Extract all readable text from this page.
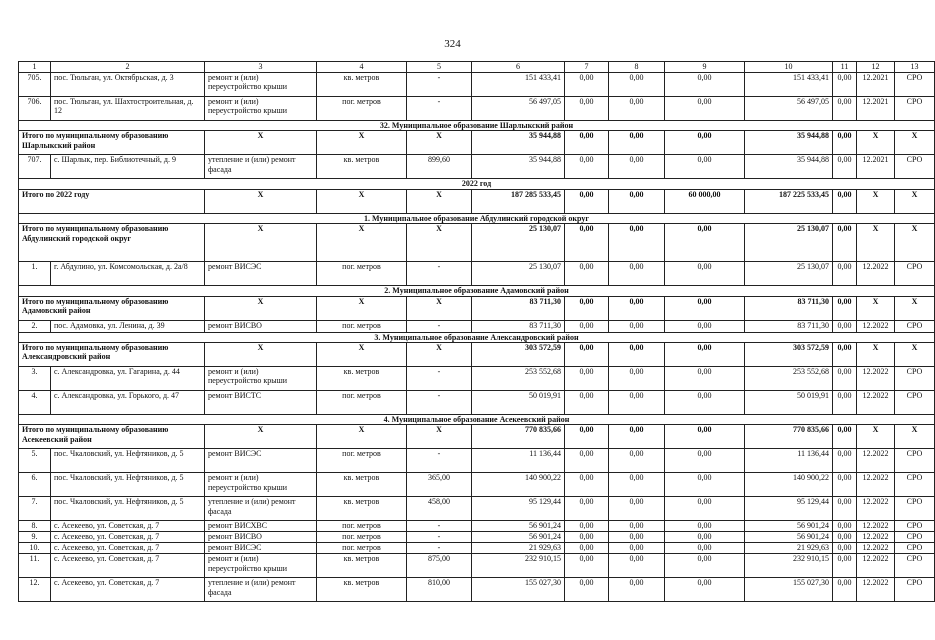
324
1	2	3	4	5	6	7	8	9	10	11	12	13
705.	пос. Тюльган, ул. Октябрьская, д. 3	ремонт и (или) переустройство крыши	кв. метров	-	151 433,41	0,00	0,00	0,00	151 433,41	0,00	12.2021	СРО
706.	пос. Тюльган, ул. Шахтостроительная, д. 12	ремонт и (или) переустройство крыши	пог. метров	-	56 497,05	0,00	0,00	0,00	56 497,05	0,00	12.2021	СРО
32. Муниципальное образование Шарлыкский район												
Итого по муниципальному образованию Шарлыкский район		X	X	X	35 944,88	0,00	0,00	0,00	35 944,88	0,00	X	X
707.	с. Шарлык, пер. Библиотечный, д. 9	утепление и (или) ремонт фасада	кв. метров	899,60	35 944,88	0,00	0,00	0,00	35 944,88	0,00	12.2021	СРО
2022 год												
Итого по 2022 году		X	X	X	187 285 533,45	0,00	0,00	60 000,00	187 225 533,45	0,00	X	X
1. Муниципальное образование Абдулинский городской округ												
Итого по муниципальному образованию Абдулинский городской округ		X	X	X	25 130,07	0,00	0,00	0,00	25 130,07	0,00	X	X
1.	г. Абдулино, ул. Комсомольская, д. 2а/8	ремонт ВИСЭС	пог. метров	-	25 130,07	0,00	0,00	0,00	25 130,07	0,00	12.2022	СРО
2. Муниципальное образование Адамовский район												
Итого по муниципальному образованию Адамовский район		X	X	X	83 711,30	0,00	0,00	0,00	83 711,30	0,00	X	X
2.	пос. Адамовка, ул. Ленина, д. 39	ремонт ВИСВО	пог. метров	-	83 711,30	0,00	0,00	0,00	83 711,30	0,00	12.2022	СРО
3. Муниципальное образование Александровский район												
Итого по муниципальному образованию Александровский район		X	X	X	303 572,59	0,00	0,00	0,00	303 572,59	0,00	X	X
3.	с. Александровка, ул. Гагарина, д. 44	ремонт и (или) переустройство крыши	кв. метров	-	253 552,68	0,00	0,00	0,00	253 552,68	0,00	12.2022	СРО
4.	с. Александровка, ул. Горького, д. 47	ремонт ВИСТС	пог. метров	-	50 019,91	0,00	0,00	0,00	50 019,91	0,00	12.2022	СРО
4. Муниципальное образование Асекеевский район												
Итого по муниципальному образованию Асекеевский район		X	X	X	770 835,66	0,00	0,00	0,00	770 835,66	0,00	X	X
5.	пос. Чкаловский, ул. Нефтяников, д. 5	ремонт ВИСЭС	пог. метров	-	11 136,44	0,00	0,00	0,00	11 136,44	0,00	12.2022	СРО
6.	пос. Чкаловский, ул. Нефтяников, д. 5	ремонт и (или) переустройство крыши	кв. метров	365,00	140 900,22	0,00	0,00	0,00	140 900,22	0,00	12.2022	СРО
7.	пос. Чкаловский, ул. Нефтяников, д. 5	утепление и (или) ремонт фасада	кв. метров	458,00	95 129,44	0,00	0,00	0,00	95 129,44	0,00	12.2022	СРО
8.	с. Асекеево, ул. Советская, д. 7	ремонт ВИСХВС	пог. метров	-	56 901,24	0,00	0,00	0,00	56 901,24	0,00	12.2022	СРО
9.	с. Асекеево, ул. Советская, д. 7	ремонт ВИСВО	пог. метров	-	56 901,24	0,00	0,00	0,00	56 901,24	0,00	12.2022	СРО
10.	с. Асекеево, ул. Советская, д. 7	ремонт ВИСЭС	пог. метров	-	21 929,63	0,00	0,00	0,00	21 929,63	0,00	12.2022	СРО
11.	с. Асекеево, ул. Советская, д. 7	ремонт и (или) переустройство крыши	кв. метров	875,00	232 910,15	0,00	0,00	0,00	232 910,15	0,00	12.2022	СРО
12.	с. Асекеево, ул. Советская, д. 7	утепление и (или) ремонт фасада	кв. метров	810,00	155 027,30	0,00	0,00	0,00	155 027,30	0,00	12.2022	СРО
